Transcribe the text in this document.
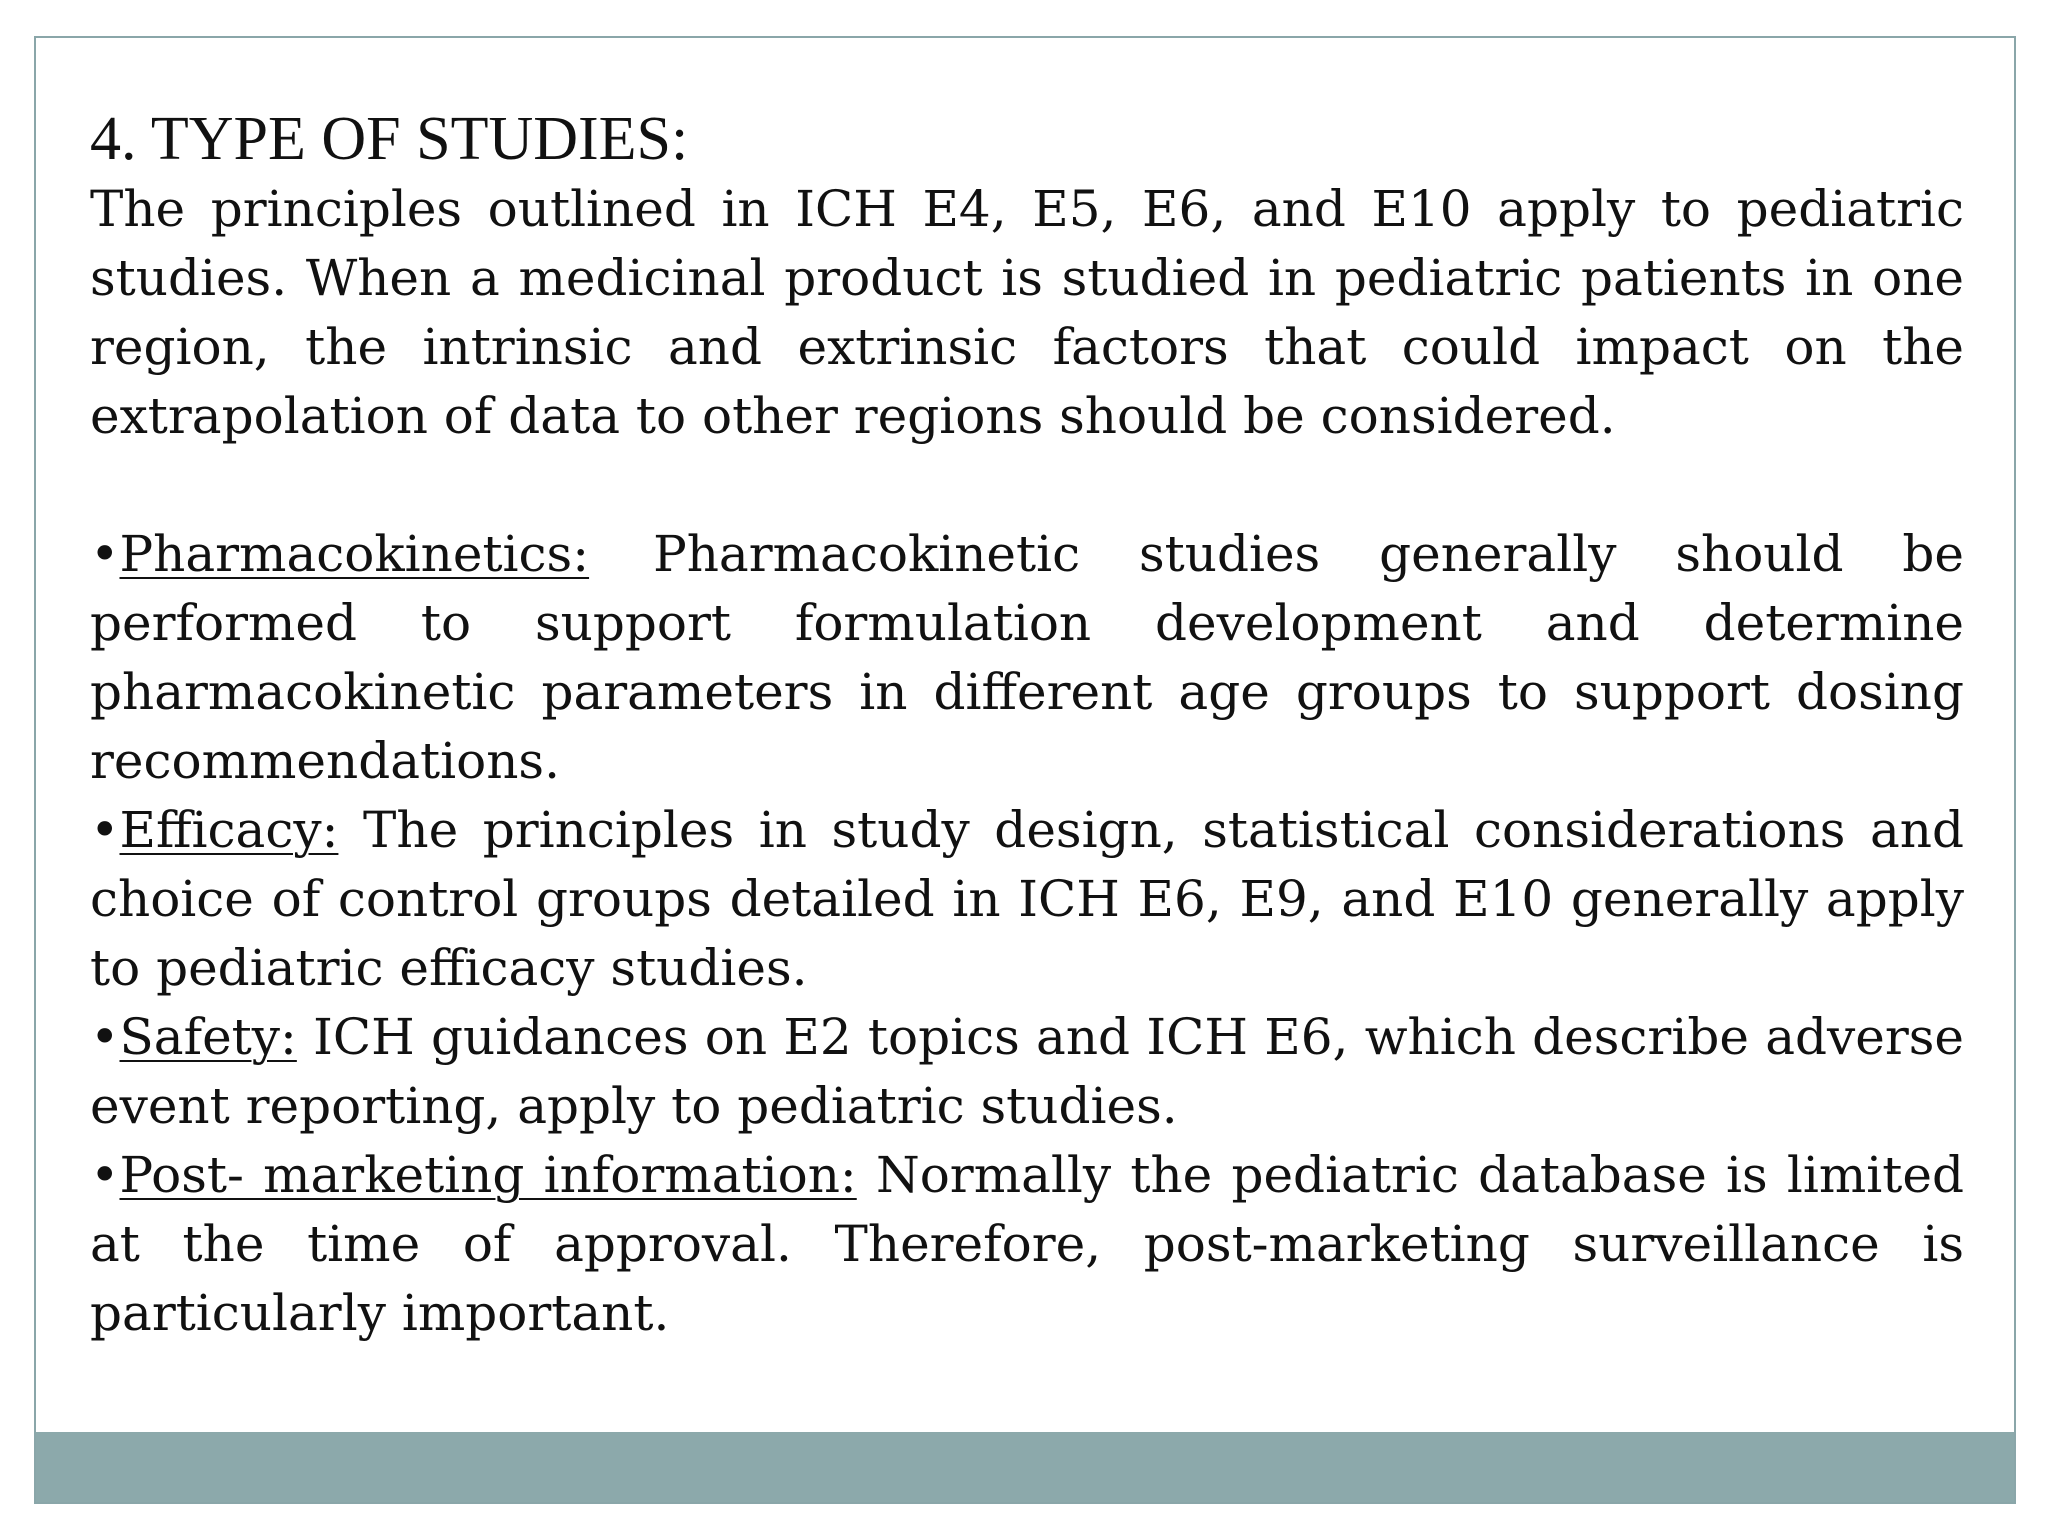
4. TYPE OF STUDIES:

The principles outlined in ICH E4, E5, E6, and E10 apply to pediatric studies. When a medicinal product is studied in pediatric patients in one region, the intrinsic and extrinsic factors that could impact on the extrapolation of data to other regions should be considered.

•Pharmacokinetics: Pharmacokinetic studies generally should be performed to support formulation development and determine pharmacokinetic parameters in different age groups to support dosing recommendations.

•Efficacy: The principles in study design, statistical considerations and choice of control groups detailed in ICH E6, E9, and E10 generally apply to pediatric efficacy studies.

•Safety: ICH guidances on E2 topics and ICH E6, which describe adverse event reporting, apply to pediatric studies.

•Post- marketing information: Normally the pediatric database is limited at the time of approval. Therefore, post-marketing surveillance is particularly important.
